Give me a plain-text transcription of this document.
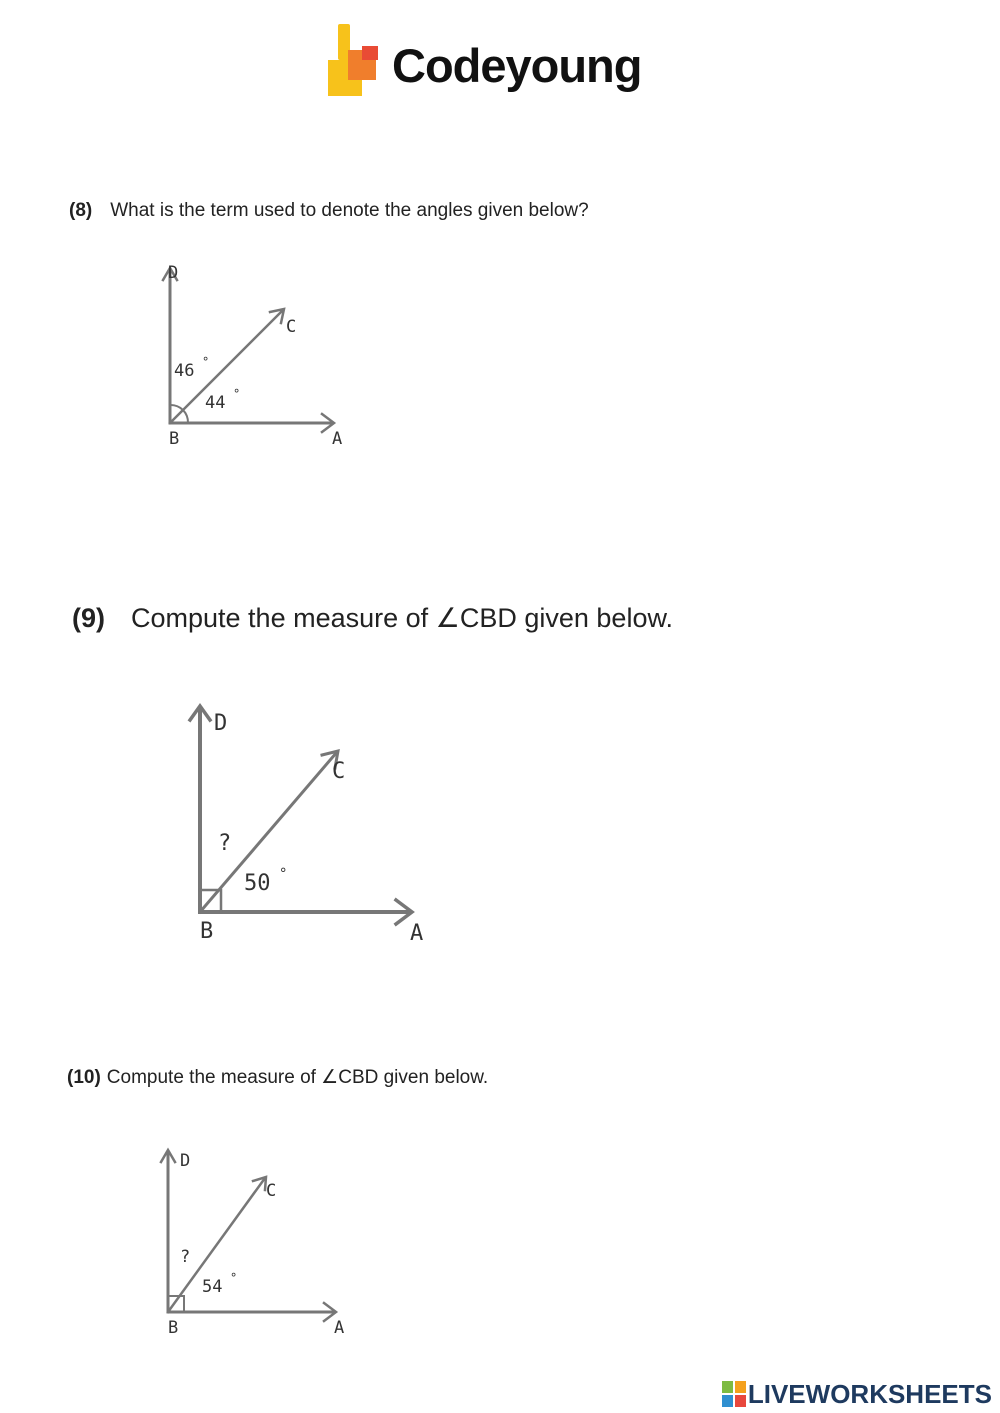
Codeyoung
(8) What is the term used to denote the angles given below?
D
C
B	A
46 °
44 °
(9) Compute the measure of ∠CBD given below.
D
C
B	A
?
50 °
(10) Compute the measure of ∠CBD given below.
D
C
B	A
?
54 °
LIVEWORKSHEETS
